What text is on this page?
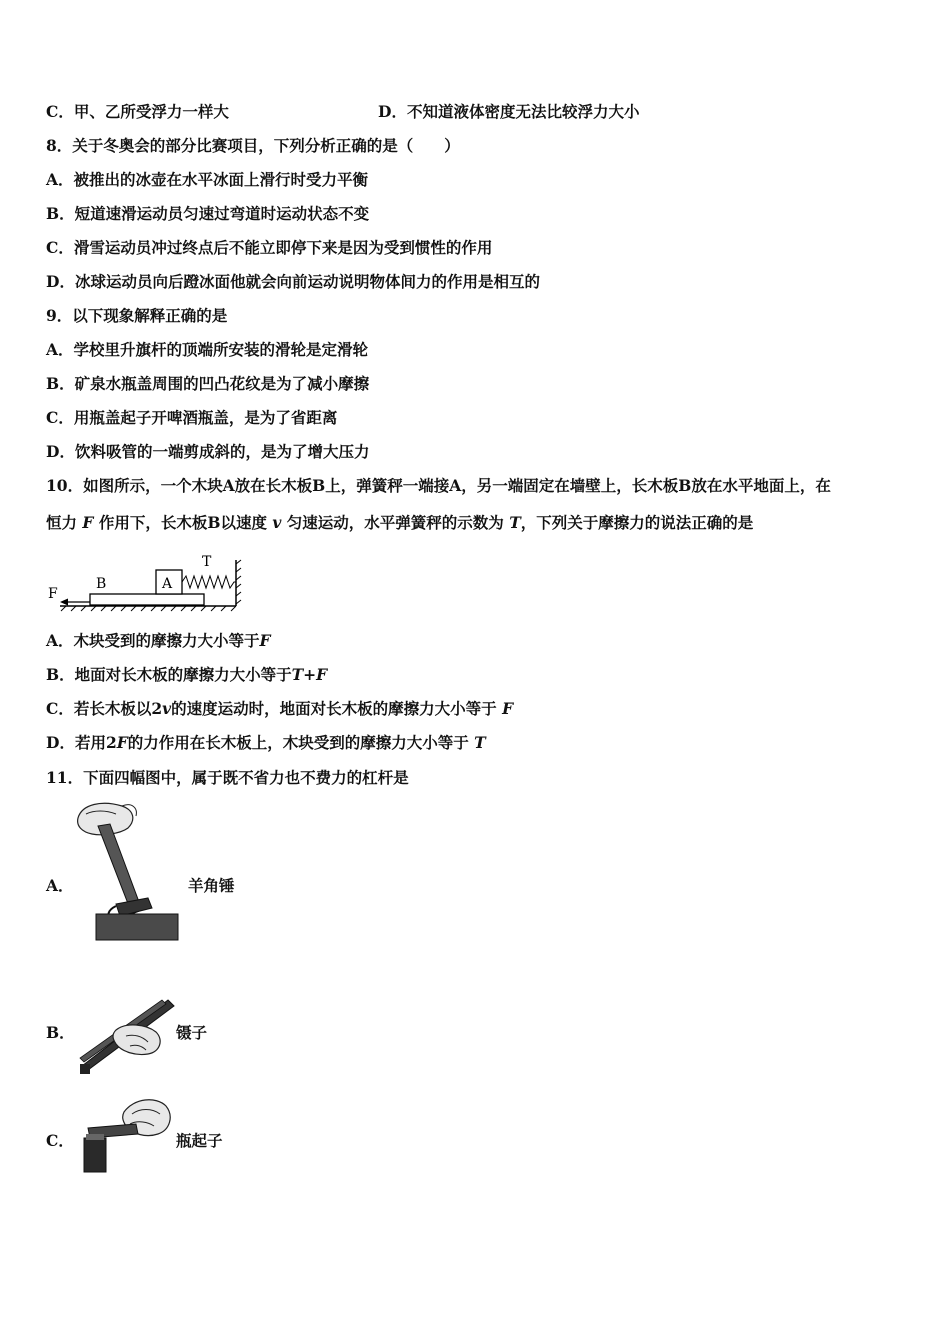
C．甲、乙所受浮力一样大	D．不知道液体密度无法比较浮力大小
8．关于冬奥会的部分比赛项目，下列分析正确的是（　　）
A．被推出的冰壶在水平冰面上滑行时受力平衡
B．短道速滑运动员匀速过弯道时运动状态不变
C．滑雪运动员冲过终点后不能立即停下来是因为受到惯性的作用
D．冰球运动员向后蹬冰面他就会向前运动说明物体间力的作用是相互的
9．以下现象解释正确的是
A．学校里升旗杆的顶端所安装的滑轮是定滑轮
B．矿泉水瓶盖周围的凹凸花纹是为了减小摩擦
C．用瓶盖起子开啤酒瓶盖，是为了省距离
D．饮料吸管的一端剪成斜的，是为了增大压力
10．如图所示，一个木块A放在长木板B上，弹簧秤一端接A，另一端固定在墙壁上，长木板B放在水平地面上，在
恒力 F 作用下，长木板B以速度 v 匀速运动，水平弹簧秤的示数为 T，下列关于摩擦力的说法正确的是
F
B	A
T
A．木块受到的摩擦力大小等于F
B．地面对长木板的摩擦力大小等于T+F
C．若长木板以2v的速度运动时，地面对长木板的摩擦力大小等于 F
D．若用2F的力作用在长木板上，木块受到的摩擦力大小等于 T
11．下面四幅图中，属于既不省力也不费力的杠杆是
A．	羊角锤
B．	镊子
C．	瓶起子
